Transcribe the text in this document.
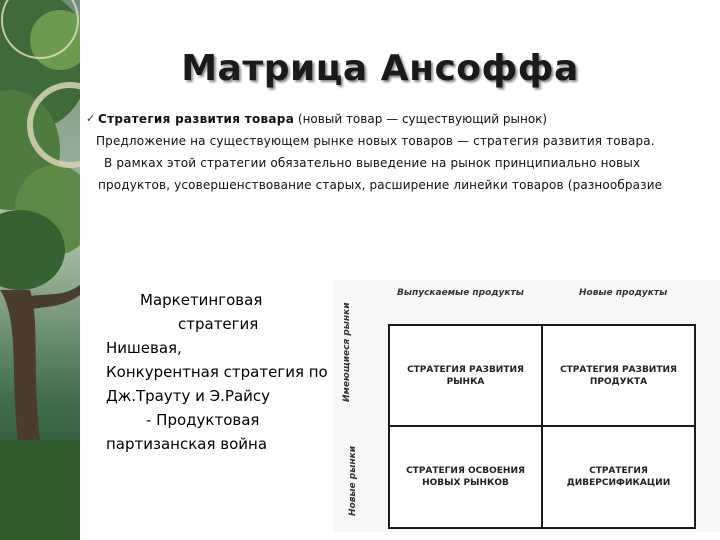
Матрица Ансоффа
✓ Стратегия развития товара (новый товар — существующий рынок)
Предложение на существующем рынке новых товаров — стратегия развития товара.
В рамках этой стратегии обязательно выведение на рынок принципиально новых
продуктов, усовершенствование старых, расширение линейки товаров (разнообразие
Маркетинговая
стратегия
Нишевая,
Конкурентная стратегия по
Дж.Трауту и Э.Райсу
- Продуктовая
партизанская война
Выпускаемые продукты	Новые продукты
Имеющиеся рынки
Новые рынки
СТРАТЕГИЯ РАЗВИТИЯ РЫНКА
СТРАТЕГИЯ РАЗВИТИЯ ПРОДУКТА
СТРАТЕГИЯ ОСВОЕНИЯ НОВЫХ РЫНКОВ
СТРАТЕГИЯ ДИВЕРСИФИКАЦИИ
